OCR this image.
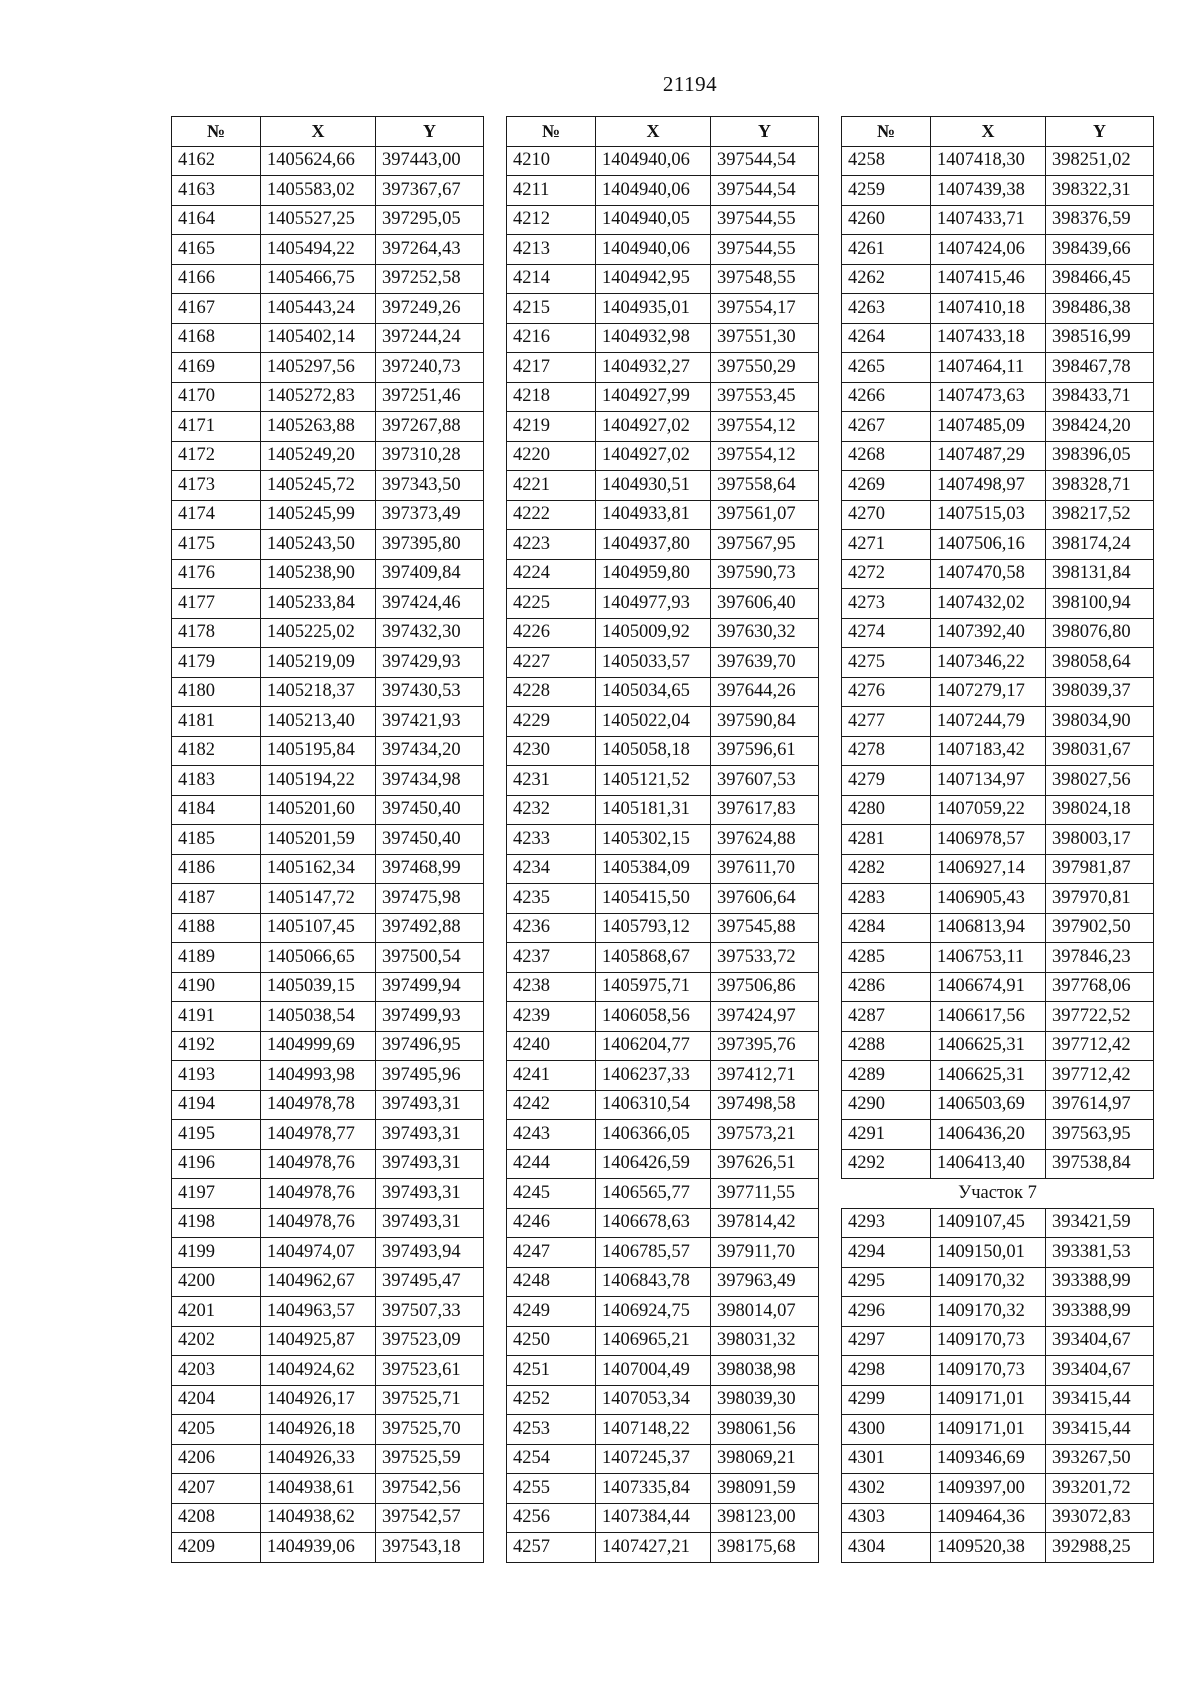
21194
№	X	Y
4162	1405624,66	397443,00
4163	1405583,02	397367,67
4164	1405527,25	397295,05
4165	1405494,22	397264,43
4166	1405466,75	397252,58
4167	1405443,24	397249,26
4168	1405402,14	397244,24
4169	1405297,56	397240,73
4170	1405272,83	397251,46
4171	1405263,88	397267,88
4172	1405249,20	397310,28
4173	1405245,72	397343,50
4174	1405245,99	397373,49
4175	1405243,50	397395,80
4176	1405238,90	397409,84
4177	1405233,84	397424,46
4178	1405225,02	397432,30
4179	1405219,09	397429,93
4180	1405218,37	397430,53
4181	1405213,40	397421,93
4182	1405195,84	397434,20
4183	1405194,22	397434,98
4184	1405201,60	397450,40
4185	1405201,59	397450,40
4186	1405162,34	397468,99
4187	1405147,72	397475,98
4188	1405107,45	397492,88
4189	1405066,65	397500,54
4190	1405039,15	397499,94
4191	1405038,54	397499,93
4192	1404999,69	397496,95
4193	1404993,98	397495,96
4194	1404978,78	397493,31
4195	1404978,77	397493,31
4196	1404978,76	397493,31
4197	1404978,76	397493,31
4198	1404978,76	397493,31
4199	1404974,07	397493,94
4200	1404962,67	397495,47
4201	1404963,57	397507,33
4202	1404925,87	397523,09
4203	1404924,62	397523,61
4204	1404926,17	397525,71
4205	1404926,18	397525,70
4206	1404926,33	397525,59
4207	1404938,61	397542,56
4208	1404938,62	397542,57
4209	1404939,06	397543,18
№	X	Y
4210	1404940,06	397544,54
4211	1404940,06	397544,54
4212	1404940,05	397544,55
4213	1404940,06	397544,55
4214	1404942,95	397548,55
4215	1404935,01	397554,17
4216	1404932,98	397551,30
4217	1404932,27	397550,29
4218	1404927,99	397553,45
4219	1404927,02	397554,12
4220	1404927,02	397554,12
4221	1404930,51	397558,64
4222	1404933,81	397561,07
4223	1404937,80	397567,95
4224	1404959,80	397590,73
4225	1404977,93	397606,40
4226	1405009,92	397630,32
4227	1405033,57	397639,70
4228	1405034,65	397644,26
4229	1405022,04	397590,84
4230	1405058,18	397596,61
4231	1405121,52	397607,53
4232	1405181,31	397617,83
4233	1405302,15	397624,88
4234	1405384,09	397611,70
4235	1405415,50	397606,64
4236	1405793,12	397545,88
4237	1405868,67	397533,72
4238	1405975,71	397506,86
4239	1406058,56	397424,97
4240	1406204,77	397395,76
4241	1406237,33	397412,71
4242	1406310,54	397498,58
4243	1406366,05	397573,21
4244	1406426,59	397626,51
4245	1406565,77	397711,55
4246	1406678,63	397814,42
4247	1406785,57	397911,70
4248	1406843,78	397963,49
4249	1406924,75	398014,07
4250	1406965,21	398031,32
4251	1407004,49	398038,98
4252	1407053,34	398039,30
4253	1407148,22	398061,56
4254	1407245,37	398069,21
4255	1407335,84	398091,59
4256	1407384,44	398123,00
4257	1407427,21	398175,68
№	X	Y
4258	1407418,30	398251,02
4259	1407439,38	398322,31
4260	1407433,71	398376,59
4261	1407424,06	398439,66
4262	1407415,46	398466,45
4263	1407410,18	398486,38
4264	1407433,18	398516,99
4265	1407464,11	398467,78
4266	1407473,63	398433,71
4267	1407485,09	398424,20
4268	1407487,29	398396,05
4269	1407498,97	398328,71
4270	1407515,03	398217,52
4271	1407506,16	398174,24
4272	1407470,58	398131,84
4273	1407432,02	398100,94
4274	1407392,40	398076,80
4275	1407346,22	398058,64
4276	1407279,17	398039,37
4277	1407244,79	398034,90
4278	1407183,42	398031,67
4279	1407134,97	398027,56
4280	1407059,22	398024,18
4281	1406978,57	398003,17
4282	1406927,14	397981,87
4283	1406905,43	397970,81
4284	1406813,94	397902,50
4285	1406753,11	397846,23
4286	1406674,91	397768,06
4287	1406617,56	397722,52
4288	1406625,31	397712,42
4289	1406625,31	397712,42
4290	1406503,69	397614,97
4291	1406436,20	397563,95
4292	1406413,40	397538,84
Участок 7		
4293	1409107,45	393421,59
4294	1409150,01	393381,53
4295	1409170,32	393388,99
4296	1409170,32	393388,99
4297	1409170,73	393404,67
4298	1409170,73	393404,67
4299	1409171,01	393415,44
4300	1409171,01	393415,44
4301	1409346,69	393267,50
4302	1409397,00	393201,72
4303	1409464,36	393072,83
4304	1409520,38	392988,25
